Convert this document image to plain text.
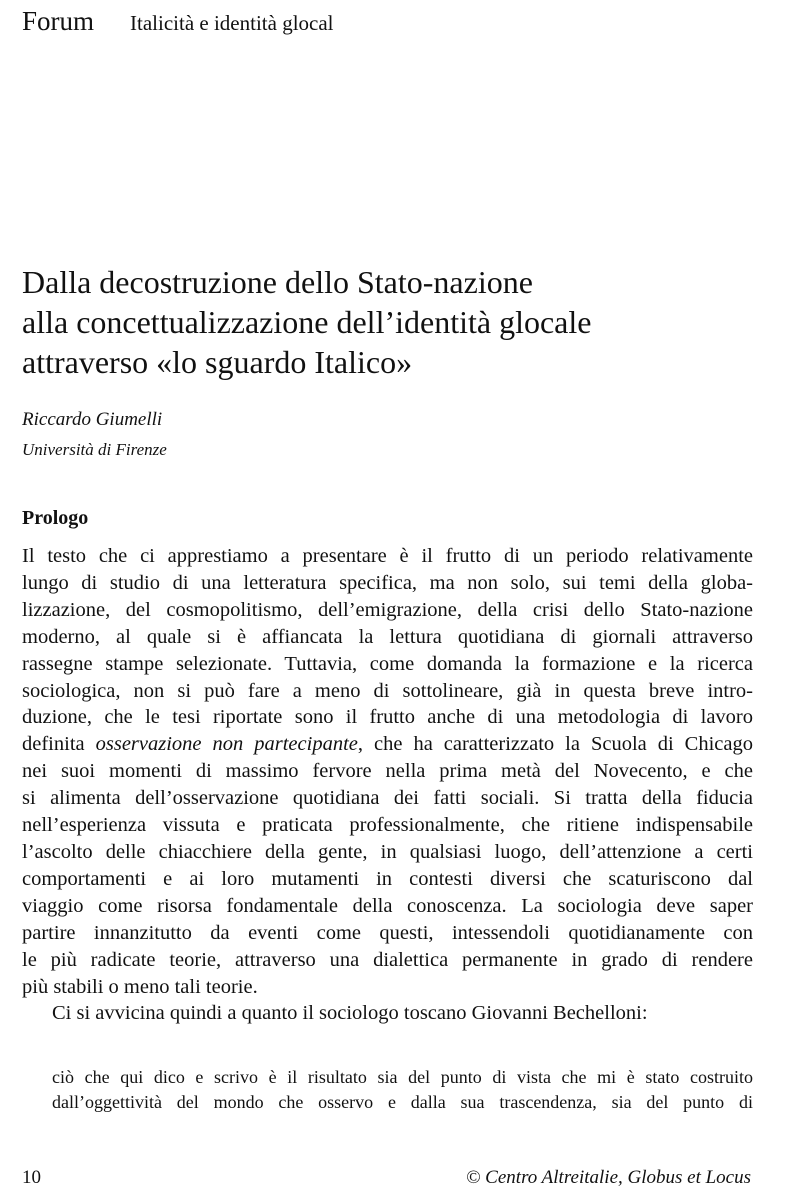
Forum Italicità e identità glocal
Dalla decostruzione dello Stato-nazione
alla concettualizzazione dell’identità glocale
attraverso «lo sguardo Italico»
Riccardo Giumelli
Università di Firenze
Prologo
Il testo che ci apprestiamo a presentare è il frutto di un periodo relativamente
lungo di studio di una letteratura specifica, ma non solo, sui temi della globa-
lizzazione, del cosmopolitismo, dell’emigrazione, della crisi dello Stato-nazione
moderno, al quale si è affiancata la lettura quotidiana di giornali attraverso
rassegne stampe selezionate. Tuttavia, come domanda la formazione e la ricerca
sociologica, non si può fare a meno di sottolineare, già in questa breve intro-
duzione, che le tesi riportate sono il frutto anche di una metodologia di lavoro
definita osservazione non partecipante, che ha caratterizzato la Scuola di Chicago
nei suoi momenti di massimo fervore nella prima metà del Novecento, e che
si alimenta dell’osservazione quotidiana dei fatti sociali. Si tratta della fiducia
nell’esperienza vissuta e praticata professionalmente, che ritiene indispensabile
l’ascolto delle chiacchiere della gente, in qualsiasi luogo, dell’attenzione a certi
comportamenti e ai loro mutamenti in contesti diversi che scaturiscono dal
viaggio come risorsa fondamentale della conoscenza. La sociologia deve saper
partire innanzitutto da eventi come questi, intessendoli quotidianamente con
le più radicate teorie, attraverso una dialettica permanente in grado di rendere
più stabili o meno tali teorie.
Ci si avvicina quindi a quanto il sociologo toscano Giovanni Bechelloni:
ciò che qui dico e scrivo è il risultato sia del punto di vista che mi è stato costruito
dall’oggettività del mondo che osservo e dalla sua trascendenza, sia del punto di
10	© Centro Altreitalie, Globus et Locus
